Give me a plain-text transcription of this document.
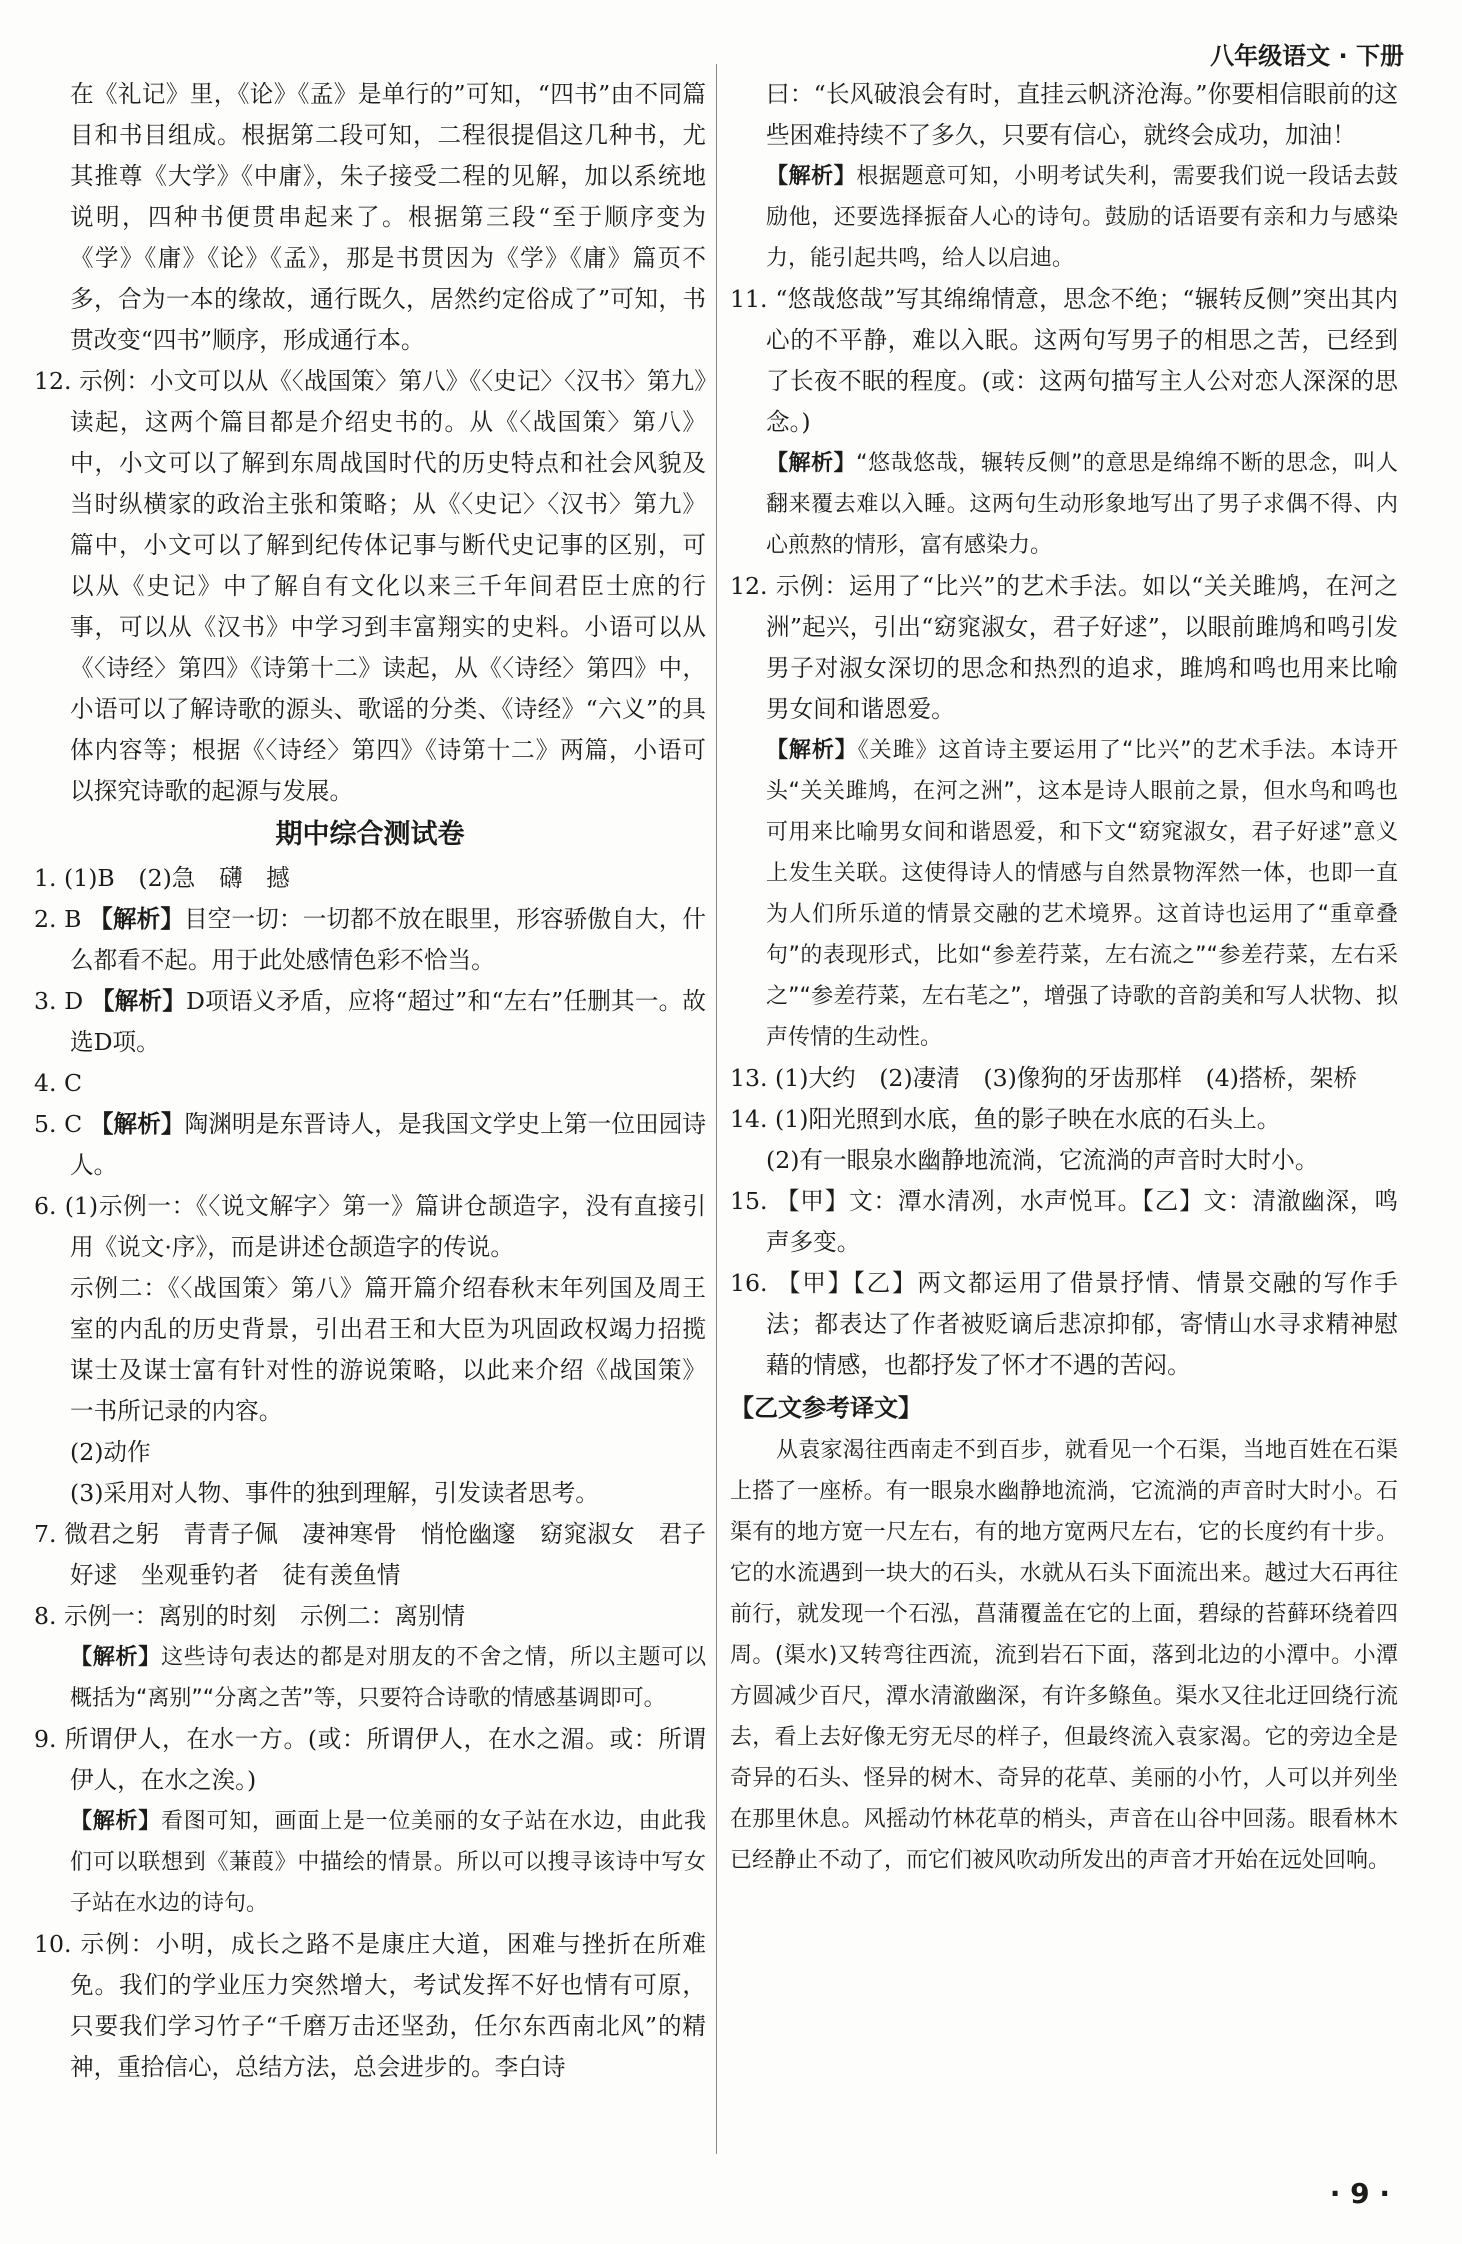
八年级语文 · 下册

在《礼记》里，《论》《孟》是单行的”可知，“四书”由不同篇目和书目组成。根据第二段可知，二程很提倡这几种书，尤其推尊《大学》《中庸》，朱子接受二程的见解，加以系统地说明，四种书便贯串起来了。根据第三段“至于顺序变为《学》《庸》《论》《孟》，那是书贯因为《学》《庸》篇页不多，合为一本的缘故，通行既久，居然约定俗成了”可知，书贯改变“四书”顺序，形成通行本。

12. 示例：小文可以从《〈战国策〉第八》《〈史记〉〈汉书〉第九》读起，这两个篇目都是介绍史书的。从《〈战国策〉第八》中，小文可以了解到东周战国时代的历史特点和社会风貌及当时纵横家的政治主张和策略；从《〈史记〉〈汉书〉第九》篇中，小文可以了解到纪传体记事与断代史记事的区别，可以从《史记》中了解自有文化以来三千年间君臣士庶的行事，可以从《汉书》中学习到丰富翔实的史料。小语可以从《〈诗经〉第四》《诗第十二》读起，从《〈诗经〉第四》中，小语可以了解诗歌的源头、歌谣的分类、《诗经》“六义”的具体内容等；根据《〈诗经〉第四》《诗第十二》两篇，小语可以探究诗歌的起源与发展。

期中综合测试卷

1. (1)B　(2)急　礴　撼

2. B 【解析】目空一切：一切都不放在眼里，形容骄傲自大，什么都看不起。用于此处感情色彩不恰当。

3. D 【解析】D项语义矛盾，应将“超过”和“左右”任删其一。故选D项。

4. C

5. C 【解析】陶渊明是东晋诗人，是我国文学史上第一位田园诗人。

6. (1)示例一：《〈说文解字〉第一》篇讲仓颉造字，没有直接引用《说文·序》，而是讲述仓颉造字的传说。

示例二：《〈战国策〉第八》篇开篇介绍春秋末年列国及周王室的内乱的历史背景，引出君王和大臣为巩固政权竭力招揽谋士及谋士富有针对性的游说策略，以此来介绍《战国策》一书所记录的内容。

(2)动作

(3)采用对人物、事件的独到理解，引发读者思考。

7. 微君之躬　青青子佩　凄神寒骨　悄怆幽邃　窈窕淑女　君子好逑　坐观垂钓者　徒有羡鱼情

8. 示例一：离别的时刻　示例二：离别情

【解析】这些诗句表达的都是对朋友的不舍之情，所以主题可以概括为“离别”“分离之苦”等，只要符合诗歌的情感基调即可。

9. 所谓伊人，在水一方。(或：所谓伊人，在水之湄。或：所谓伊人，在水之涘。)

【解析】看图可知，画面上是一位美丽的女子站在水边，由此我们可以联想到《蒹葭》中描绘的情景。所以可以搜寻该诗中写女子站在水边的诗句。

10. 示例：小明，成长之路不是康庄大道，困难与挫折在所难免。我们的学业压力突然增大，考试发挥不好也情有可原，只要我们学习竹子“千磨万击还坚劲，任尔东西南北风”的精神，重拾信心，总结方法，总会进步的。李白诗

曰：“长风破浪会有时，直挂云帆济沧海。”你要相信眼前的这些困难持续不了多久，只要有信心，就终会成功，加油！

【解析】根据题意可知，小明考试失利，需要我们说一段话去鼓励他，还要选择振奋人心的诗句。鼓励的话语要有亲和力与感染力，能引起共鸣，给人以启迪。

11. “悠哉悠哉”写其绵绵情意，思念不绝；“辗转反侧”突出其内心的不平静，难以入眠。这两句写男子的相思之苦，已经到了长夜不眠的程度。(或：这两句描写主人公对恋人深深的思念。)

【解析】“悠哉悠哉，辗转反侧”的意思是绵绵不断的思念，叫人翻来覆去难以入睡。这两句生动形象地写出了男子求偶不得、内心煎熬的情形，富有感染力。

12. 示例：运用了“比兴”的艺术手法。如以“关关雎鸠，在河之洲”起兴，引出“窈窕淑女，君子好逑”，以眼前雎鸠和鸣引发男子对淑女深切的思念和热烈的追求，雎鸠和鸣也用来比喻男女间和谐恩爱。

【解析】《关雎》这首诗主要运用了“比兴”的艺术手法。本诗开头“关关雎鸠，在河之洲”，这本是诗人眼前之景，但水鸟和鸣也可用来比喻男女间和谐恩爱，和下文“窈窕淑女，君子好逑”意义上发生关联。这使得诗人的情感与自然景物浑然一体，也即一直为人们所乐道的情景交融的艺术境界。这首诗也运用了“重章叠句”的表现形式，比如“参差荇菜，左右流之”“参差荇菜，左右采之”“参差荇菜，左右芼之”，增强了诗歌的音韵美和写人状物、拟声传情的生动性。

13. (1)大约　(2)凄清　(3)像狗的牙齿那样　(4)搭桥，架桥

14. (1)阳光照到水底，鱼的影子映在水底的石头上。

(2)有一眼泉水幽静地流淌，它流淌的声音时大时小。

15. 【甲】文：潭水清冽，水声悦耳。【乙】文：清澈幽深，鸣声多变。

16. 【甲】【乙】两文都运用了借景抒情、情景交融的写作手法；都表达了作者被贬谪后悲凉抑郁，寄情山水寻求精神慰藉的情感，也都抒发了怀才不遇的苦闷。

【乙文参考译文】

从袁家渴往西南走不到百步，就看见一个石渠，当地百姓在石渠上搭了一座桥。有一眼泉水幽静地流淌，它流淌的声音时大时小。石渠有的地方宽一尺左右，有的地方宽两尺左右，它的长度约有十步。它的水流遇到一块大的石头，水就从石头下面流出来。越过大石再往前行，就发现一个石泓，菖蒲覆盖在它的上面，碧绿的苔藓环绕着四周。(渠水)又转弯往西流，流到岩石下面，落到北边的小潭中。小潭方圆减少百尺，潭水清澈幽深，有许多鲦鱼。渠水又往北迂回绕行流去，看上去好像无穷无尽的样子，但最终流入袁家渴。它的旁边全是奇异的石头、怪异的树木、奇异的花草、美丽的小竹，人可以并列坐在那里休息。风摇动竹林花草的梢头，声音在山谷中回荡。眼看林木已经静止不动了，而它们被风吹动所发出的声音才开始在远处回响。

· 9 ·
